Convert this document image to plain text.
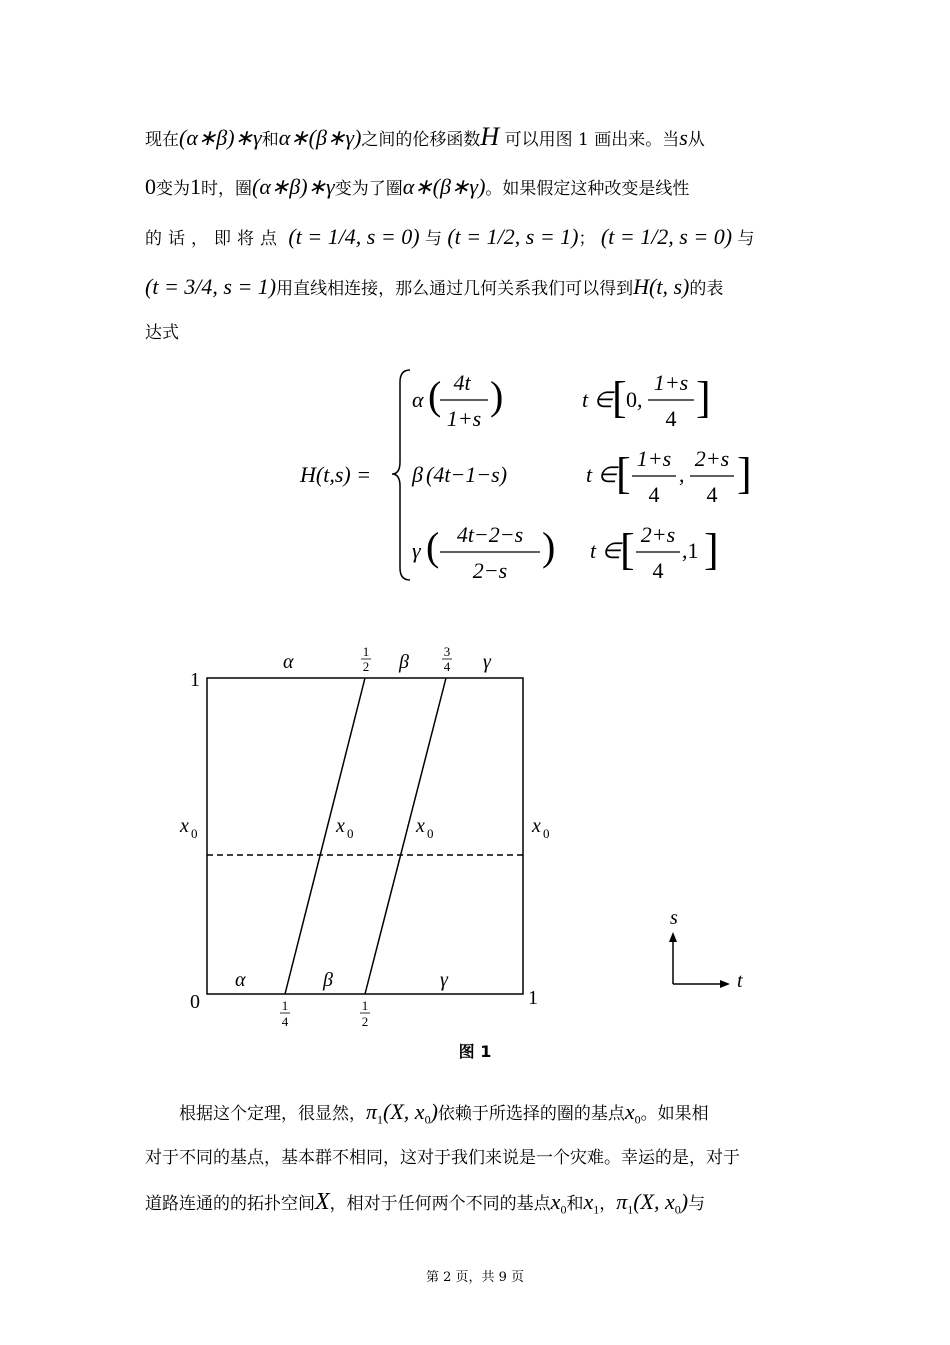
现在(α∗β)∗γ和α∗(β∗γ)之间的伦移函数H 可以用图 1 画出来。当s从
0变为1时，圈(α∗β)∗γ变为了圈α∗(β∗γ)。如果假定这种改变是线性
的话，即将点 (t = 1/4, s = 0) 与 (t = 1/2, s = 1)； (t = 1/2, s = 0) 与
(t = 3/4, s = 1)用直线相连接，那么通过几何关系我们可以得到H(t, s)的表
达式
H(t,s) =
α ( 4t
1+s
)	t ∈ [ 0,
1+s
4 ]
β (4t−1−s)	t ∈ [ 1+s
4
,
2+s
4 ]
γ ( 4t−2−s
2−s
) t ∈ [ 2+s
4
,1 ]
1
0	1
α	1
2 β	3
4 γ
x 0	x 0	x 0	x 0
α	β	γ
1
4
1
2
s
t
图 1
根据这个定理，很显然，$\pi_1(X$, $x_0$)依赖于所选择的圈的基点$x_0$。如果相
对于不同的基点，基本群不相同，这对于我们来说是一个灾难。幸运的是，对于
道路连通的的拓扑空间X，相对于任何两个不同的基点$x_0$和$x_1$，$\pi_1(X$, $x_0$)与
第 2 页，共 9 页
